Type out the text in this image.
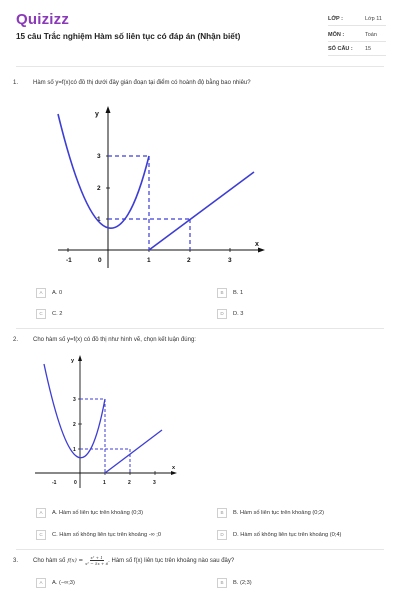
Quizizz
15 câu Trắc nghiệm Hàm số liên tục có đáp án (Nhận biết)
LỚP :	Lớp 11
MÔN :	Toán
SỐ CÂU : 15
1. Hàm số y=f(x)có đồ thị dưới đây gián đoạn tại điểm có hoành độ bằng bao nhiêu?
-1	0	1	2	3
x
y
1
2
3
A	A. 0	B	B. 1
C	C. 2	D	D. 3
2. Cho hàm số y=f(x) có đồ thị như hình vẽ, chọn kết luận đúng:
-1	0	1	2	3
x
y
1
2
3
A	A. Hàm số liên tục trên khoảng (0;3)	B	B. Hàm số liên tục trên khoảng (0;2)
C	C. Hàm số không liên tục trên khoảng -∞ ;0	D	D. Hàm số không liên tục trên khoảng (0;4)
3. Cho hàm số $f(x) = \frac{\text{x² + 1}}{\text{x² − 5x + 6}}$ . Hàm số f(x) liên tục trên khoảng nào sau đây?
A	A. (−∞;3)	B	B. (2;3)
